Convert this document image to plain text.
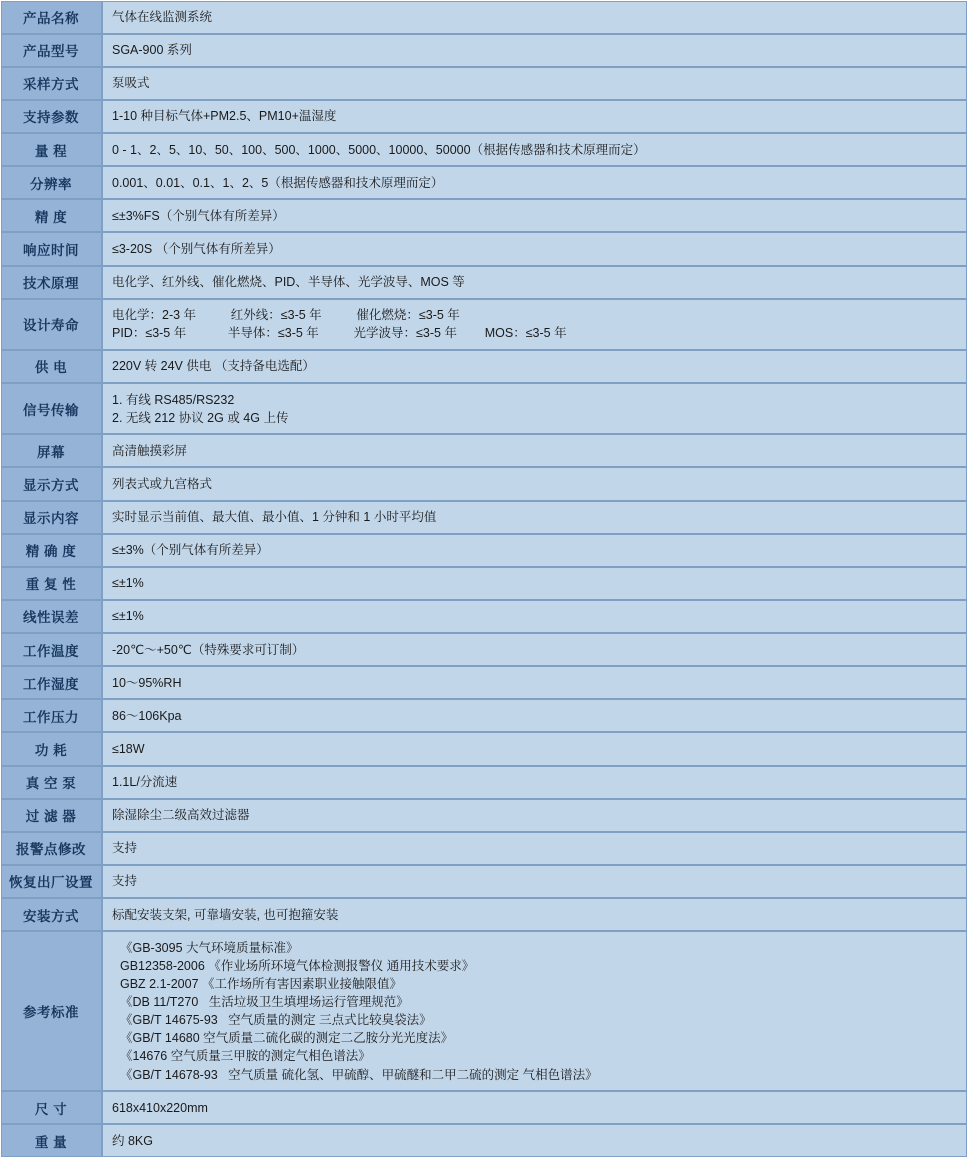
产品名称	气体在线监测系统
产品型号	SGA-900 系列
采样方式	泵吸式
支持参数	1-10 种目标气体+PM2.5、PM10+温湿度
量 程	0 - 1、2、5、10、50、100、500、1000、5000、10000、50000（根据传感器和技术原理而定）
分辨率	0.001、0.01、0.1、1、2、5（根据传感器和技术原理而定）
精 度	≤±3%FS（个别气体有所差异）
响应时间	≤3-20S （个别气体有所差异）
技术原理	电化学、红外线、催化燃烧、PID、半导体、光学波导、MOS 等
设计寿命	电化学：2-3 年          红外线：≤3-5 年          催化燃烧：≤3-5 年
PID：≤3-5 年            半导体：≤3-5 年          光学波导：≤3-5 年        MOS：≤3-5 年

供 电	220V 转 24V 供电 （支持备电选配）
信号传输	1. 有线 RS485/RS232
2. 无线 212 协议 2G 或 4G 上传

屏幕	高清触摸彩屏
显示方式	列表式或九宫格式
显示内容	实时显示当前值、最大值、最小值、1 分钟和 1 小时平均值
精 确 度	≤±3%（个别气体有所差异）
重 复 性	≤±1%
线性误差	≤±1%
工作温度	-20℃～+50℃（特殊要求可订制）
工作湿度	10～95%RH
工作压力	86～106Kpa
功 耗	≤18W
真 空 泵	1.1L/分流速
过 滤 器	除湿除尘二级高效过滤器
报警点修改	支持
恢复出厂设置	支持
安装方式	标配安装支架, 可靠墙安装, 也可抱箍安装
参考标准	
《GB-3095 大气环境质量标准》
GB12358-2006 《作业场所环境气体检测报警仪 通用技术要求》
GBZ 2.1-2007 《工作场所有害因素职业接触限值》
《DB 11/T270   生活垃圾卫生填埋场运行管理规范》
《GB/T 14675-93   空气质量的测定 三点式比较臭袋法》
《GB/T 14680 空气质量二硫化碳的测定二乙胺分光光度法》
《14676 空气质量三甲胺的测定气相色谱法》
《GB/T 14678-93   空气质量 硫化氢、甲硫醇、甲硫醚和二甲二硫的测定 气相色谱法》

尺 寸	618x410x220mm
重 量	约 8KG
